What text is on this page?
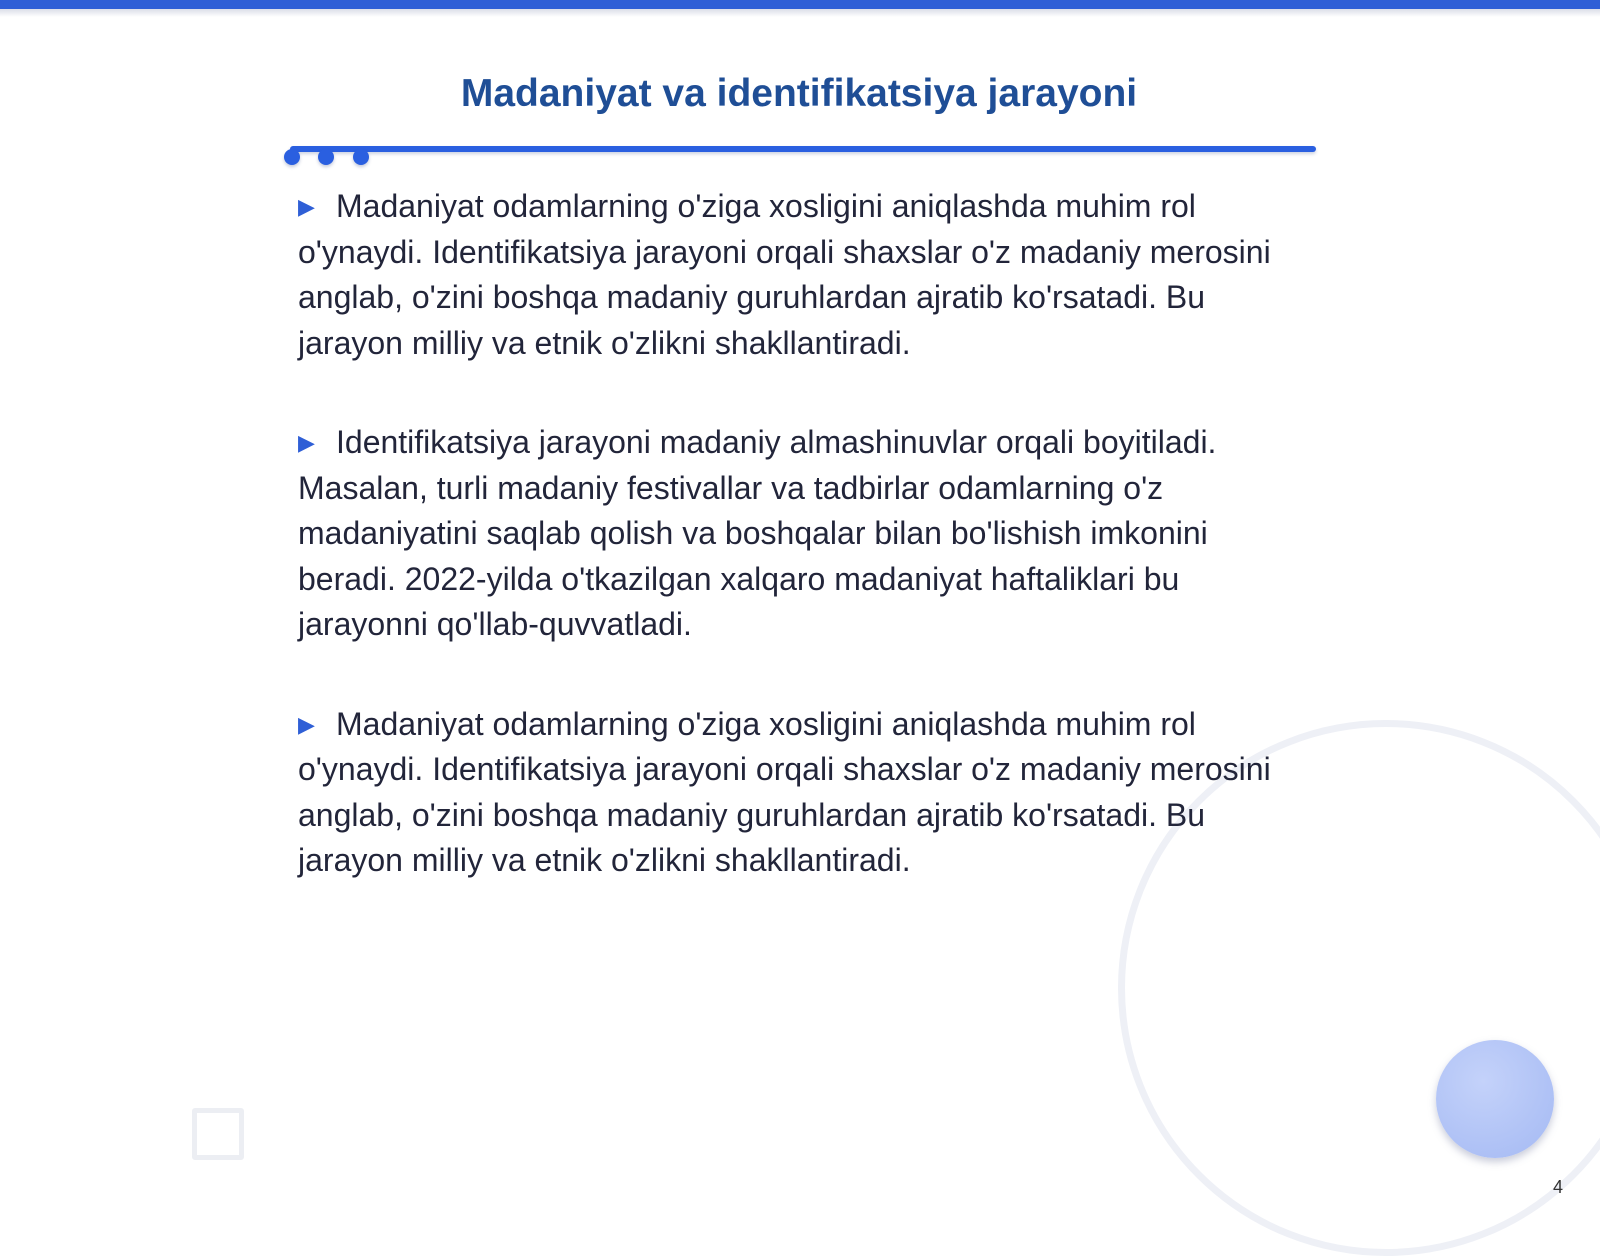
Madaniyat va identifikatsiya jarayoni

▶ Madaniyat odamlarning o'ziga xosligini aniqlashda muhim rol o'ynaydi. Identifikatsiya jarayoni orqali shaxslar o'z madaniy merosini anglab, o'zini boshqa madaniy guruhlardan ajratib ko'rsatadi. Bu jarayon milliy va etnik o'zlikni shakllantiradi.

▶ Identifikatsiya jarayoni madaniy almashinuvlar orqali boyitiladi. Masalan, turli madaniy festivallar va tadbirlar odamlarning o'z madaniyatini saqlab qolish va boshqalar bilan bo'lishish imkonini beradi. 2022-yilda o'tkazilgan xalqaro madaniyat haftaliklari bu jarayonni qo'llab-quvvatladi.

▶ Madaniyat odamlarning o'ziga xosligini aniqlashda muhim rol o'ynaydi. Identifikatsiya jarayoni orqali shaxslar o'z madaniy merosini anglab, o'zini boshqa madaniy guruhlardan ajratib ko'rsatadi. Bu jarayon milliy va etnik o'zlikni shakllantiradi.

4
